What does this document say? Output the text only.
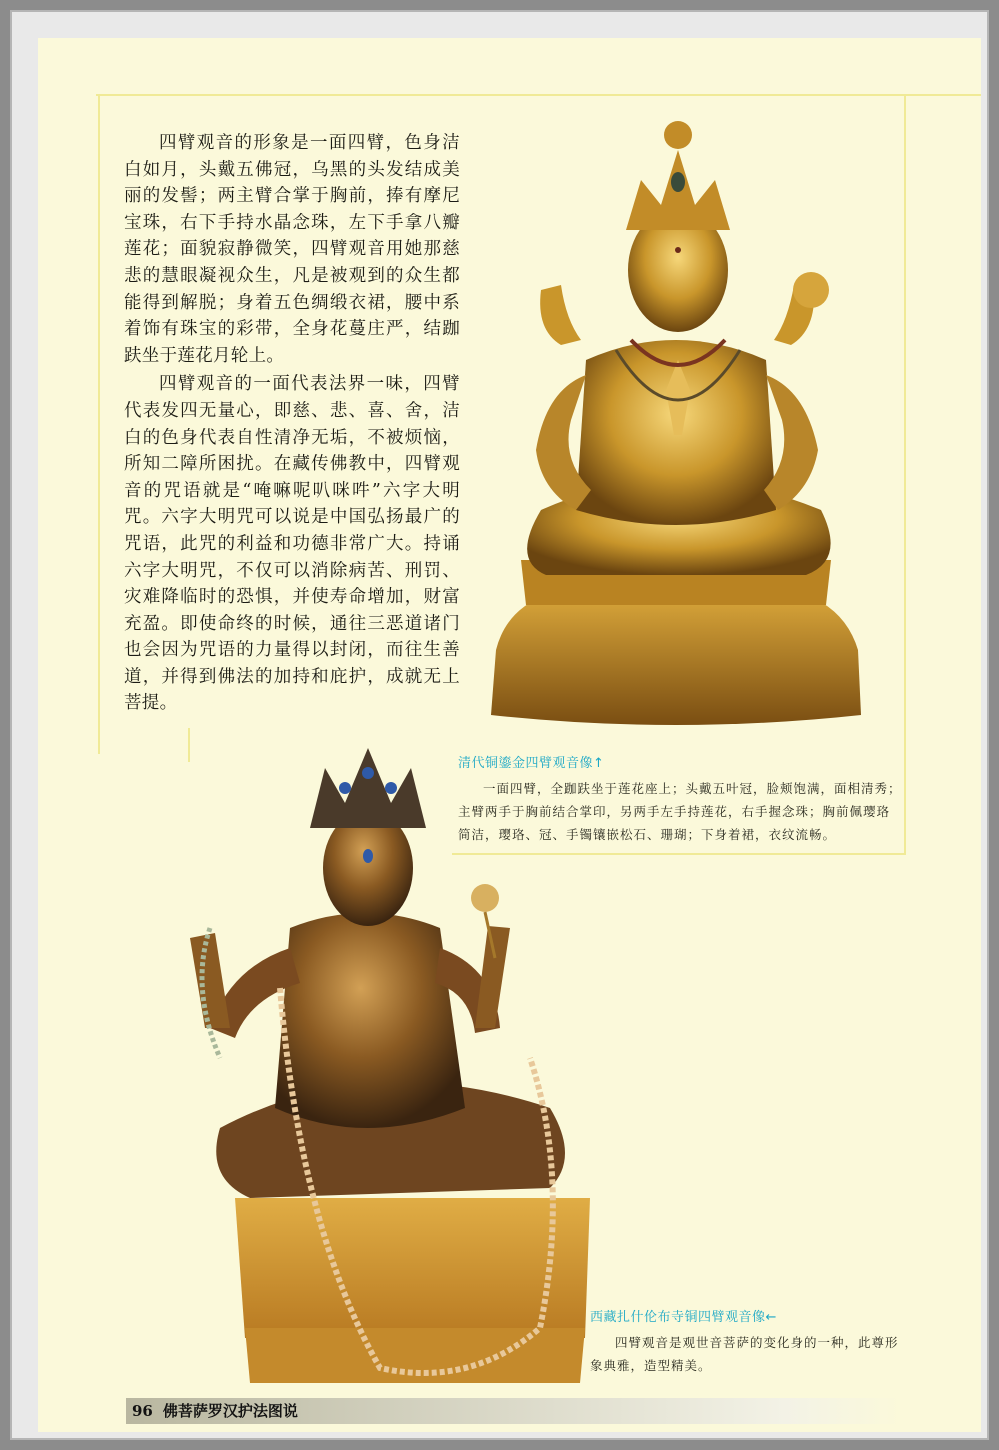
四臂观音的形象是一面四臂，色身洁白如月，头戴五佛冠，乌黑的头发结成美丽的发髻；两主臂合掌于胸前，捧有摩尼宝珠，右下手持水晶念珠，左下手拿八瓣莲花；面貌寂静微笑，四臂观音用她那慈悲的慧眼凝视众生，凡是被观到的众生都能得到解脱；身着五色绸缎衣裙，腰中系着饰有珠宝的彩带，全身花蔓庄严，结跏趺坐于莲花月轮上。

四臂观音的一面代表法界一味，四臂代表发四无量心，即慈、悲、喜、舍，洁白的色身代表自性清净无垢，不被烦恼，所知二障所困扰。在藏传佛教中，四臂观音的咒语就是“唵嘛呢叭咪吽”六字大明咒。六字大明咒可以说是中国弘扬最广的咒语，此咒的利益和功德非常广大。持诵六字大明咒，不仅可以消除病苦、刑罚、灾难降临时的恐惧，并使寿命增加，财富充盈。即使命终的时候，通往三恶道诸门也会因为咒语的力量得以封闭，而往生善道，并得到佛法的加持和庇护，成就无上菩提。

清代铜鎏金四臂观音像↑
一面四臂，全跏趺坐于莲花座上；头戴五叶冠，脸颊饱满，面相清秀；主臂两手于胸前结合掌印，另两手左手持莲花，右手握念珠；胸前佩璎珞简洁，璎珞、冠、手镯镶嵌松石、珊瑚；下身着裙，衣纹流畅。
西藏扎什伦布寺铜四臂观音像←
四臂观音是观世音菩萨的变化身的一种，此尊形象典雅，造型精美。
96 佛菩萨罗汉护法图说
